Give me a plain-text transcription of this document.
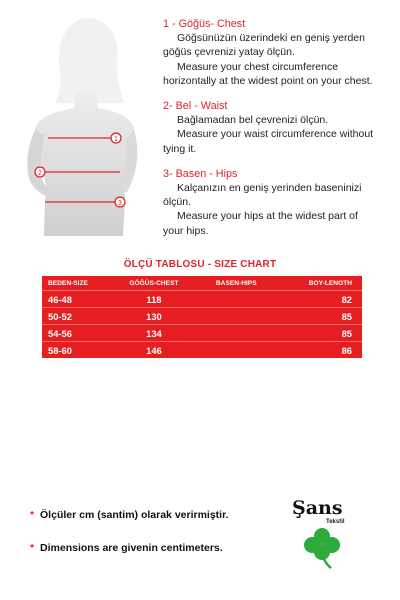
1
2
3
1 - Göğüs- Chest
Göğsünüzün üzerindeki en geniş yerden
göğüs çevrenizi yatay ölçün.
Measure your chest circumference
horizontally at the widest point on your chest.
2- Bel - Waist
Bağlamadan bel çevrenizi ölçün.
Measure your waist circumference without
tying it.
3- Basen - Hips
Kalçanızın en geniş yerinden baseninizi
ölçün.
Measure your hips at the widest part of
your hips.
ÖLÇÜ TABLOSU - SIZE CHART
BEDEN-SIZE	GÖĞÜS-CHEST	BASEN-HIPS	BOY-LENGTH
46-48	118		82
50-52	130		85
54-56	134		85
58-60	146		86
* Ölçüler cm (santim) olarak verirmiştir.
* Dimensions are givenin centimeters.
Şans
Tekstil
